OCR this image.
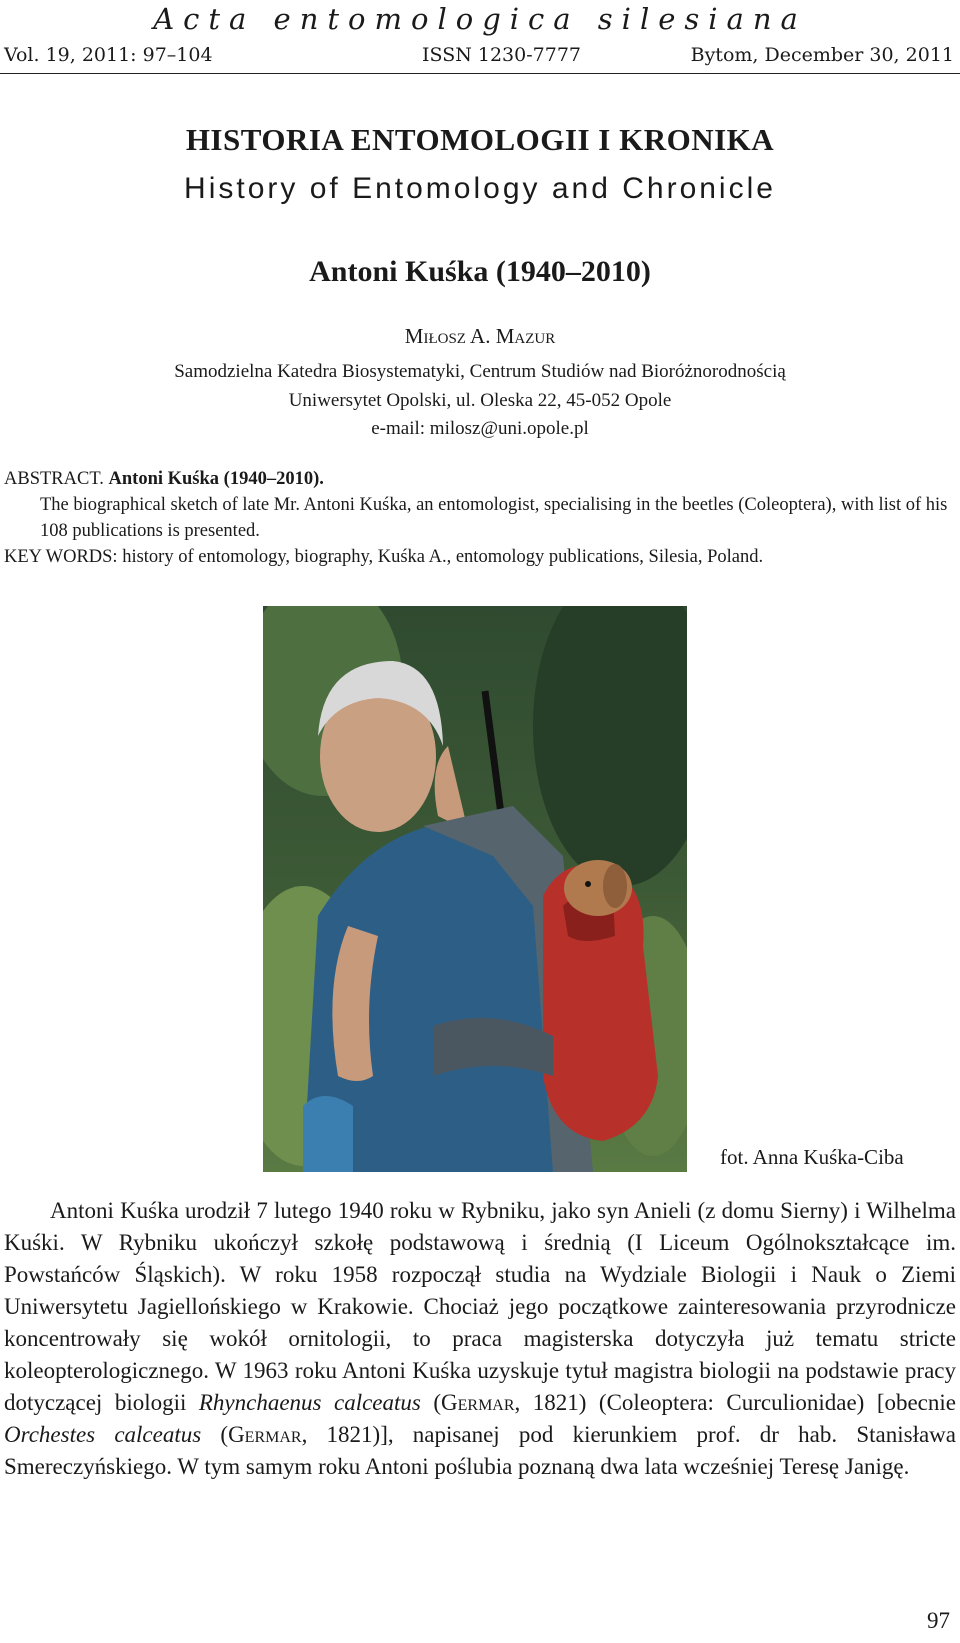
Acta entomologica silesiana
Vol. 19, 2011: 97–104	ISSN 1230-7777	Bytom, December 30, 2011
HISTORIA ENTOMOLOGII I KRONIKA
History of Entomology and Chronicle
Antoni Kuśka (1940–2010)
Miłosz A. Mazur
Samodzielna Katedra Biosystematyki, Centrum Studiów nad Bioróżnorodnością
Uniwersytet Opolski, ul. Oleska 22, 45-052 Opole
e-mail: milosz@uni.opole.pl

ABSTRACT. Antoni Kuśka (1940–2010).

The biographical sketch of late Mr. Antoni Kuśka, an entomologist, specialising in the beetles (Coleoptera), with list of his 108 publications is presented.

KEY WORDS: history of entomology, biography, Kuśka A., entomology publications, Silesia, Poland.

fot. Anna Kuśka-Ciba

Antoni Kuśka urodził 7 lutego 1940 roku w Rybniku, jako syn Anieli (z domu Sierny) i Wilhelma Kuśki. W Rybniku ukończył szkołę podstawową i średnią (I Liceum Ogólnokształcące im. Powstańców Śląskich). W roku 1958 rozpoczął studia na Wydziale Biologii i Nauk o Ziemi Uniwersytetu Jagiellońskiego w Krakowie. Chociaż jego początkowe zainteresowania przyrodnicze koncentrowały się wokół ornitologii, to praca magisterska dotyczyła już tematu stricte koleopterologicznego. W 1963 roku Antoni Kuśka uzyskuje tytuł magistra biologii na podstawie pracy dotyczącej biologii Rhynchaenus calceatus (Germar, 1821) (Coleoptera: Curculionidae) [obecnie Orchestes calceatus (Germar, 1821)], napisanej pod kierunkiem prof. dr hab. Stanisława Smereczyńskiego. W tym samym roku Antoni poślubia poznaną dwa lata wcześniej Teresę Janigę.

97
